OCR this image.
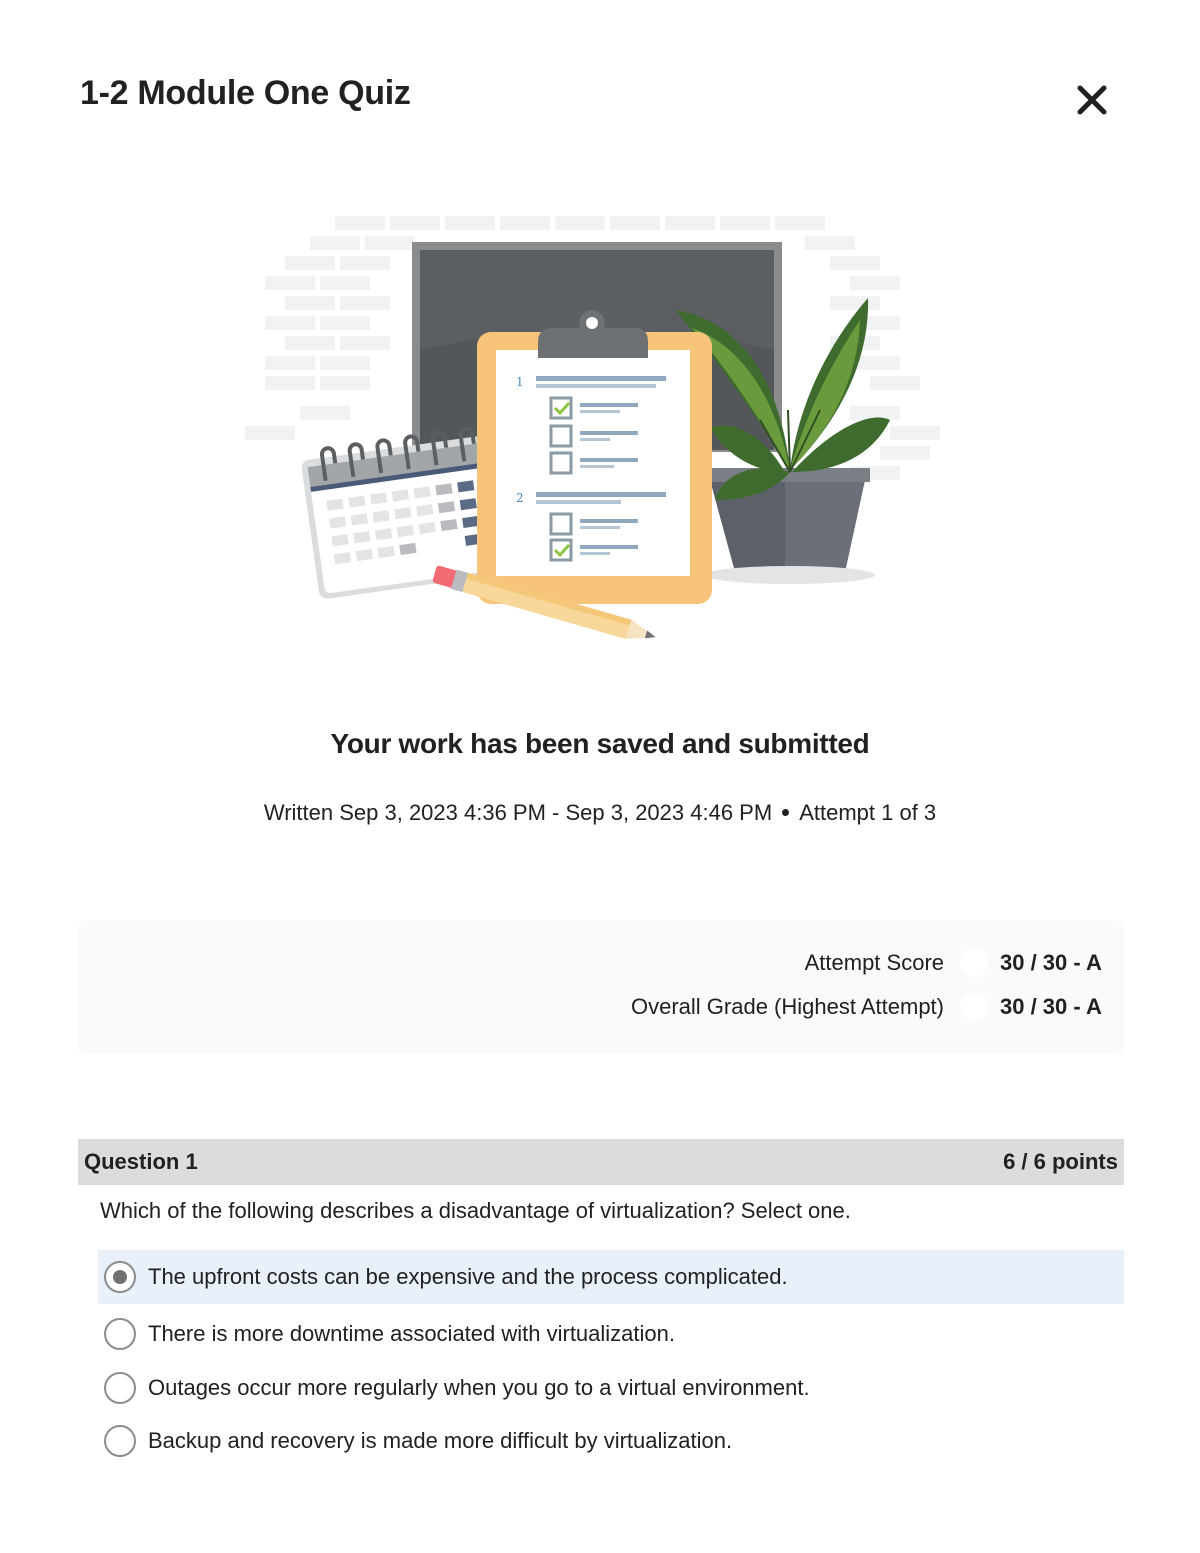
1-2 Module One Quiz
1
2
Your work has been saved and submitted
Written Sep 3, 2023 4:36 PM - Sep 3, 2023 4:46 PM Attempt 1 of 3
Attempt Score	30 / 30 - A
Overall Grade (Highest Attempt)	30 / 30 - A
Question 1	6 / 6 points
Which of the following describes a disadvantage of virtualization? Select one.
The upfront costs can be expensive and the process complicated.
There is more downtime associated with virtualization.
Outages occur more regularly when you go to a virtual environment.
Backup and recovery is made more difficult by virtualization.
